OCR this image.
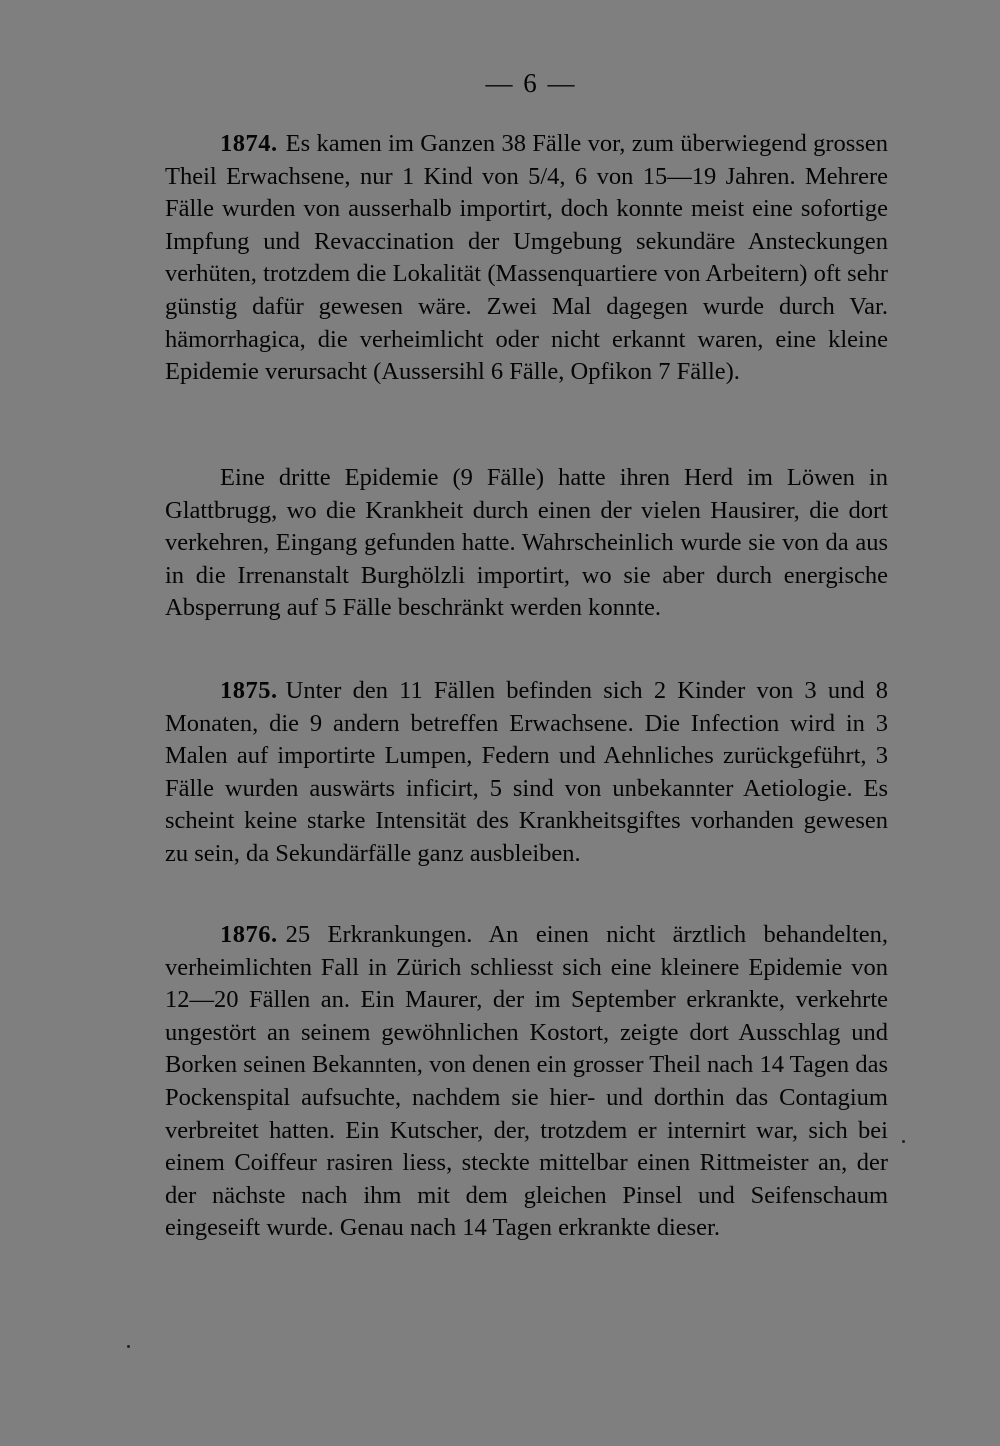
— 6 —

1874. Es kamen im Ganzen 38 Fälle vor, zum überwiegend grossen Theil Erwachsene, nur 1 Kind von 5/4, 6 von 15—19 Jahren. Mehrere Fälle wurden von ausserhalb importirt, doch konnte meist eine sofortige Impfung und Revaccination der Umgebung sekundäre Ansteckungen verhüten, trotzdem die Lokalität (Massenquartiere von Arbeitern) oft sehr günstig dafür gewesen wäre. Zwei Mal dagegen wurde durch Var. hämorrhagica, die verheimlicht oder nicht erkannt waren, eine kleine Epidemie verursacht (Aussersihl 6 Fälle, Opfikon 7 Fälle).

Eine dritte Epidemie (9 Fälle) hatte ihren Herd im Löwen in Glattbrugg, wo die Krankheit durch einen der vielen Hausirer, die dort verkehren, Eingang gefunden hatte. Wahrscheinlich wurde sie von da aus in die Irrenanstalt Burghölzli importirt, wo sie aber durch energische Absperrung auf 5 Fälle beschränkt werden konnte.

1875. Unter den 11 Fällen befinden sich 2 Kinder von 3 und 8 Monaten, die 9 andern betreffen Erwachsene. Die Infection wird in 3 Malen auf importirte Lumpen, Federn und Aehnliches zurückgeführt, 3 Fälle wurden auswärts inficirt, 5 sind von unbekannter Aetiologie. Es scheint keine starke Intensität des Krankheitsgiftes vorhanden gewesen zu sein, da Sekundärfälle ganz ausbleiben.

1876. 25 Erkrankungen. An einen nicht ärztlich behandelten, verheimlichten Fall in Zürich schliesst sich eine kleinere Epidemie von 12—20 Fällen an. Ein Maurer, der im September erkrankte, verkehrte ungestört an seinem gewöhnlichen Kostort, zeigte dort Ausschlag und Borken seinen Bekannten, von denen ein grosser Theil nach 14 Tagen das Pockenspital aufsuchte, nachdem sie hier- und dorthin das Contagium verbreitet hatten. Ein Kutscher, der, trotzdem er internirt war, sich bei einem Coiffeur rasiren liess, steckte mittelbar einen Rittmeister an, der der nächste nach ihm mit dem gleichen Pinsel und Seifenschaum eingeseift wurde. Genau nach 14 Tagen erkrankte dieser.
